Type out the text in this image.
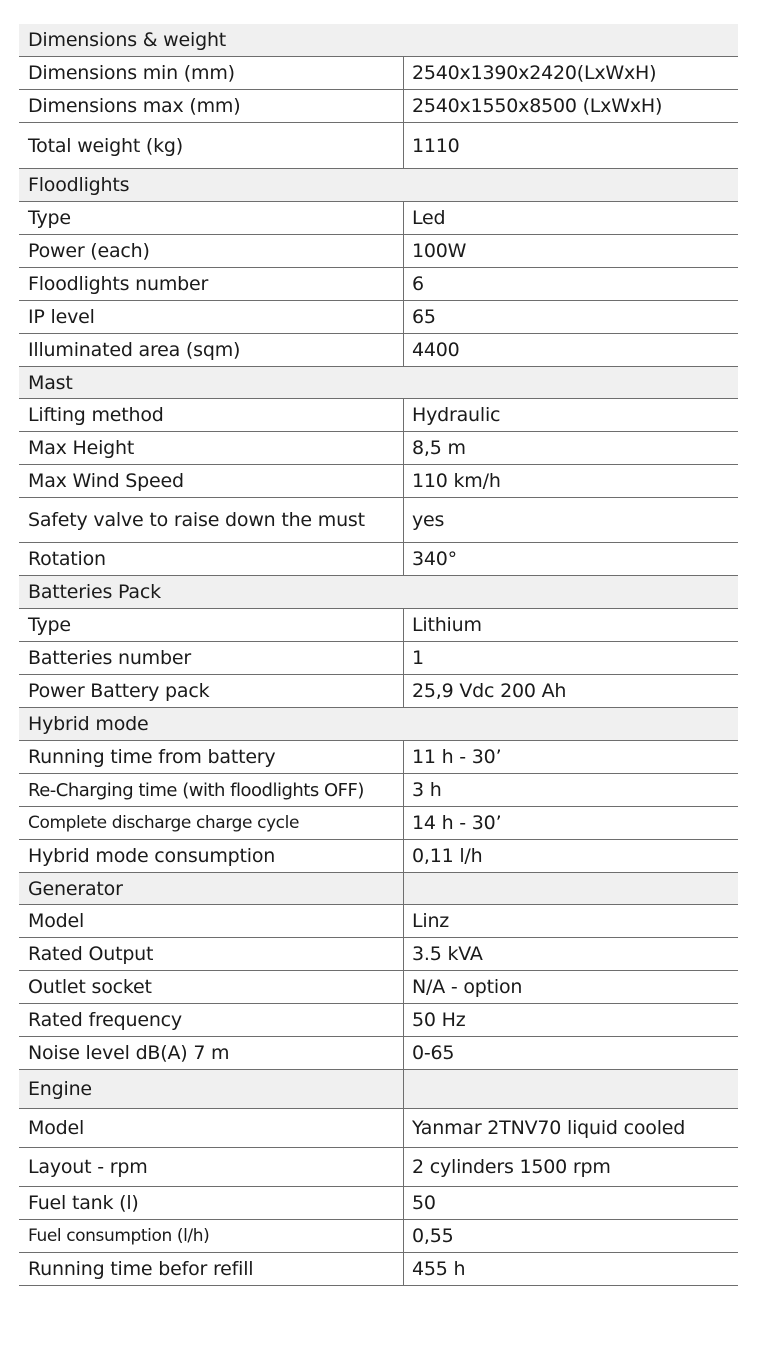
Dimensions & weight
Dimensions min (mm)	2540x1390x2420(LxWxH)
Dimensions max (mm)	2540x1550x8500 (LxWxH)
Total weight (kg)	1110
Floodlights
Type	Led
Power (each)	100W
Floodlights number	6
IP level	65
Illuminated area (sqm)	4400
Mast
Lifting method	Hydraulic
Max Height	8,5 m
Max Wind Speed	110 km/h
Safety valve to raise down the must	yes
Rotation	340°
Batteries Pack
Type	Lithium
Batteries number	1
Power Battery pack	25,9 Vdc 200 Ah
Hybrid mode
Running time from battery	11 h - 30’
Re-Charging time (with floodlights OFF)	3 h
Complete discharge charge cycle	14 h - 30’
Hybrid mode consumption	0,11 l/h
Generator
Model	Linz
Rated Output	3.5 kVA
Outlet socket	N/A - option
Rated frequency	50 Hz
Noise level dB(A) 7 m	0-65
Engine
Model	Yanmar 2TNV70 liquid cooled
Layout - rpm	2 cylinders 1500 rpm
Fuel tank (l)	50
Fuel consumption (l/h)	0,55
Running time befor refill	455 h
